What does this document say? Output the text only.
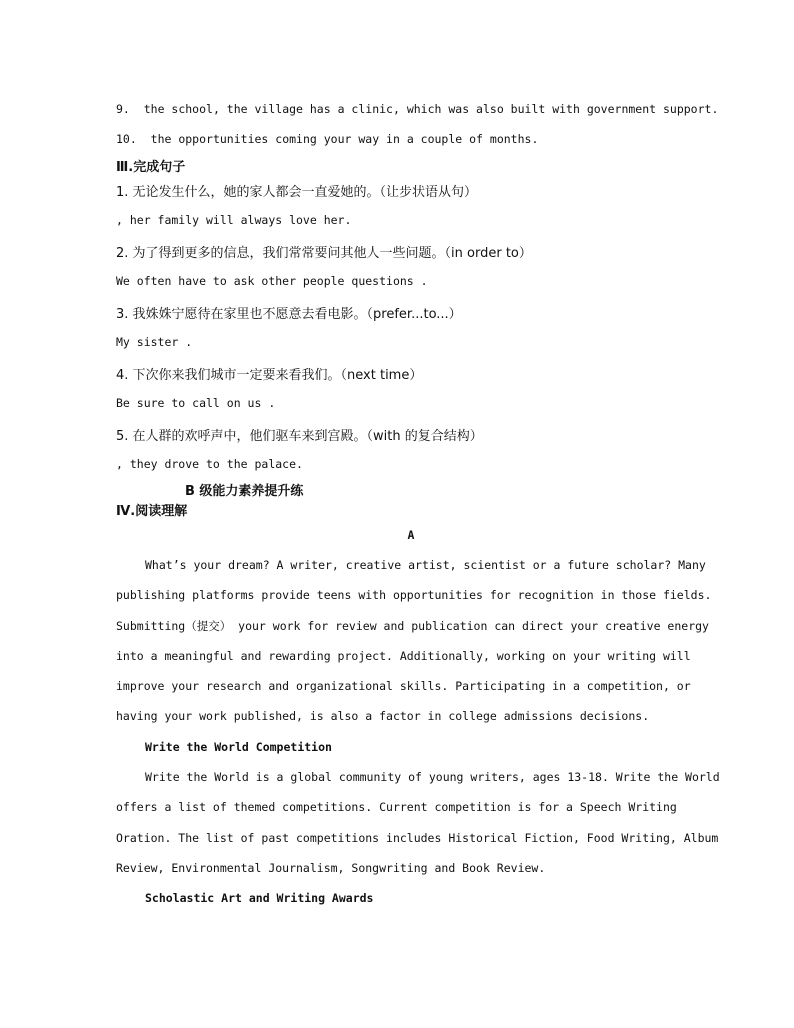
9. the school, the village has a clinic, which was also built with government support.
10. the opportunities coming your way in a couple of months.
Ⅲ.完成句子
1. 无论发生什么，她的家人都会一直爱她的。（让步状语从句）
, her family will always love her.
2. 为了得到更多的信息，我们常常要问其他人一些问题。（in order to）
We often have to ask other people questions .
3. 我姝姝宁愿待在家里也不愿意去看电影。（prefer...to...）
My sister .
4. 下次你来我们城市一定要来看我们。（next time）
Be sure to call on us .
5. 在人群的欢呼声中，他们驱车来到宫殿。（with 的复合结构）
, they drove to the palace.
B 级能力素养提升练
Ⅳ.阅读理解
A
What’s your dream? A writer, creative artist, scientist or a future scholar? Many
publishing platforms provide teens with opportunities for recognition in those fields.
Submitting（提交） your work for review and publication can direct your creative energy
into a meaningful and rewarding project. Additionally, working on your writing will
improve your research and organizational skills. Participating in a competition, or
having your work published, is also a factor in college admissions decisions.
Write the World Competition
Write the World is a global community of young writers, ages 13-18. Write the World
offers a list of themed competitions. Current competition is for a Speech Writing
Oration. The list of past competitions includes Historical Fiction, Food Writing, Album
Review, Environmental Journalism, Songwriting and Book Review.
Scholastic Art and Writing Awards
